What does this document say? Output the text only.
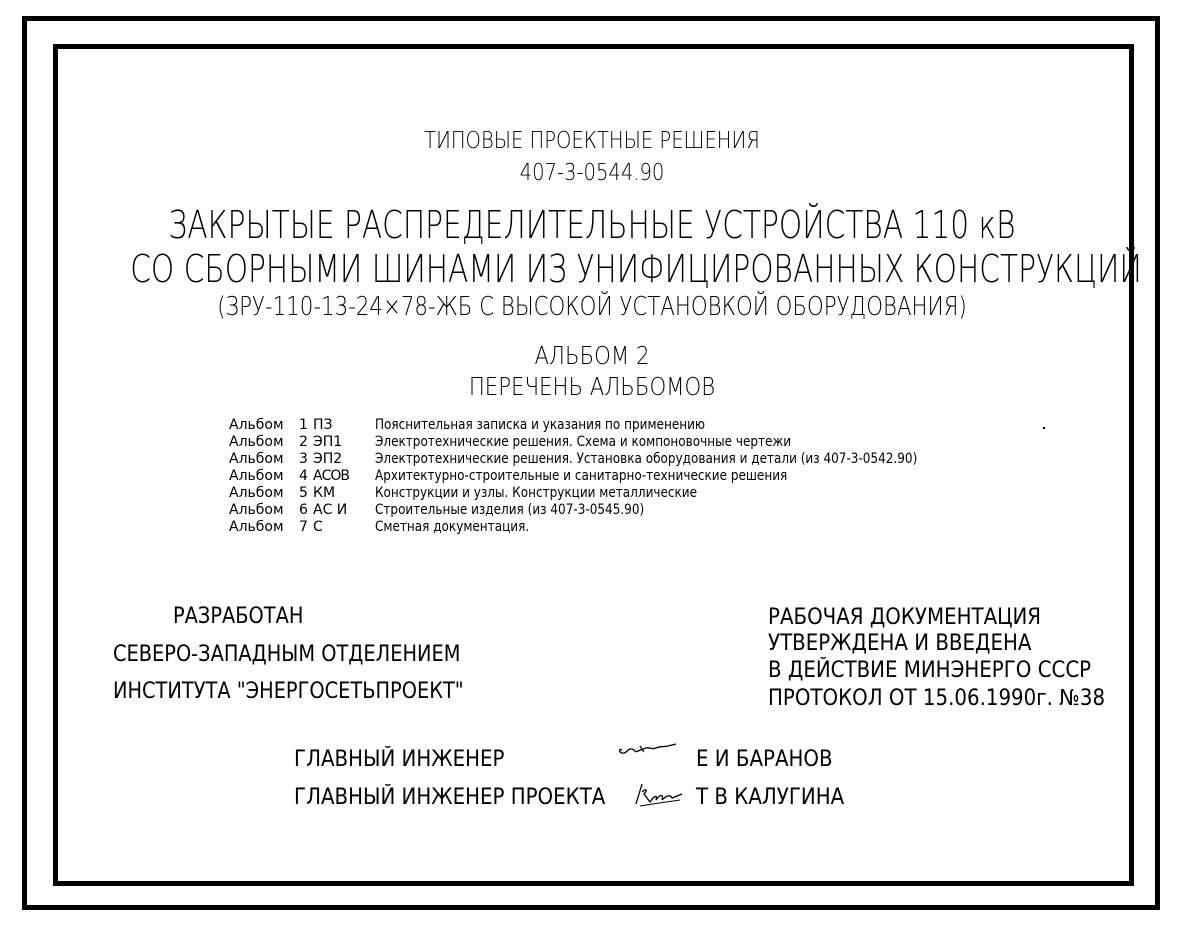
ТИПОВЫЕ ПРОЕКТНЫЕ РЕШЕНИЯ
407-3-0544.90
ЗАКРЫТЫЕ РАСПРЕДЕЛИТЕЛЬНЫЕ УСТРОЙСТВА 110 кВ
СО СБОРНЫМИ ШИНАМИ ИЗ УНИФИЦИРОВАННЫХ КОНСТРУКЦИЙ
(ЗРУ-110-13-24×78-ЖБ С ВЫСОКОЙ УСТАНОВКОЙ ОБОРУДОВАНИЯ)
АЛЬБОМ 2
ПЕРЕЧЕНЬ АЛЬБОМОВ
Альбом	1 ПЗ	Пояснительная записка и указания по применению
Альбом	2 ЭП1	Электротехнические решения. Схема и компоновочные чертежи
Альбом	3 ЭП2	Электротехнические решения. Установка оборудования и детали (из 407-3-0542.90)
Альбом	4 АСОВ	Архитектурно-строительные и санитарно-технические решения
Альбом	5 КМ	Конструкции и узлы. Конструкции металлические
Альбом	6 АС И	Строительные изделия (из 407-3-0545.90)
Альбом	7 С	Сметная документация.
РАЗРАБОТАН
СЕВЕРО-ЗАПАДНЫМ ОТДЕЛЕНИЕМ
ИНСТИТУТА "ЭНЕРГОСЕТЬПРОЕКТ"
РАБОЧАЯ ДОКУМЕНТАЦИЯ
УТВЕРЖДЕНА И ВВЕДЕНА
В ДЕЙСТВИЕ МИНЭНЕРГО СССР
ПРОТОКОЛ ОТ 15.06.1990г. №38
ГЛАВНЫЙ ИНЖЕНЕР	Е И БАРАНОВ
ГЛАВНЫЙ ИНЖЕНЕР ПРОЕКТА	Т В КАЛУГИНА
